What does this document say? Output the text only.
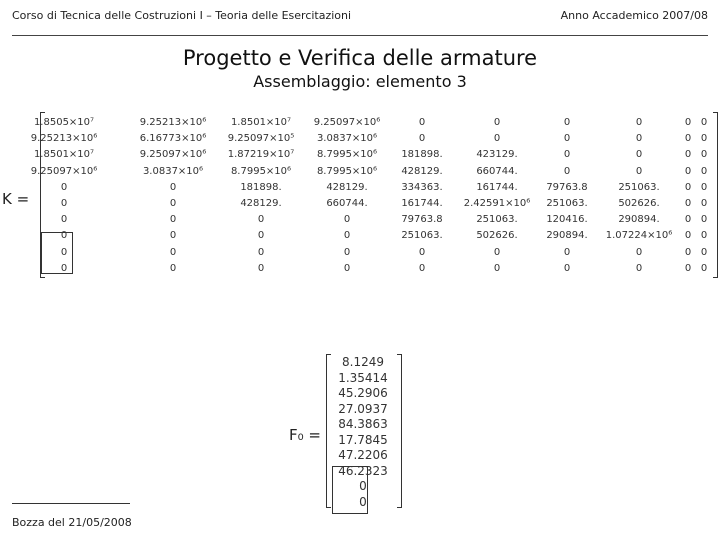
Corso di Tecnica delle Costruzioni I – Teoria delle Esercitazioni	Anno Accademico 2007/08
Progetto e Verifica delle armature
Assemblaggio: elemento 3
K =
1.8505×10⁷	9.25213×10⁶	1.8501×10⁷	9.25097×10⁶	0	0	0	0	0 0
9.25213×10⁶	6.16773×10⁶	9.25097×10⁵	3.0837×10⁶	0	0	0	0	0 0
1.8501×10⁷	9.25097×10⁶	1.87219×10⁷	8.7995×10⁶	181898.	423129.	0	0	0 0
9.25097×10⁶	3.0837×10⁶	8.7995×10⁶	8.7995×10⁶	428129.	660744.	0	0	0 0
0	0	181898.	428129.	334363.	161744.	79763.8	251063.	0 0
0	0	428129.	660744.	161744.	2.42591×10⁶	251063.	502626.	0 0
0	0	0	0	79763.8	251063.	120416.	290894.	0 0
0	0	0	0	251063.	502626.	290894.	1.07224×10⁶	0 0
0	0	0	0	0	0	0	0	0 0
0	0	0	0	0	0	0	0	0 0
F₀ =
8.1249
1.35414
45.2906
27.0937
84.3863
17.7845
47.2206
46.2323
0
0
Bozza del 21/05/2008
